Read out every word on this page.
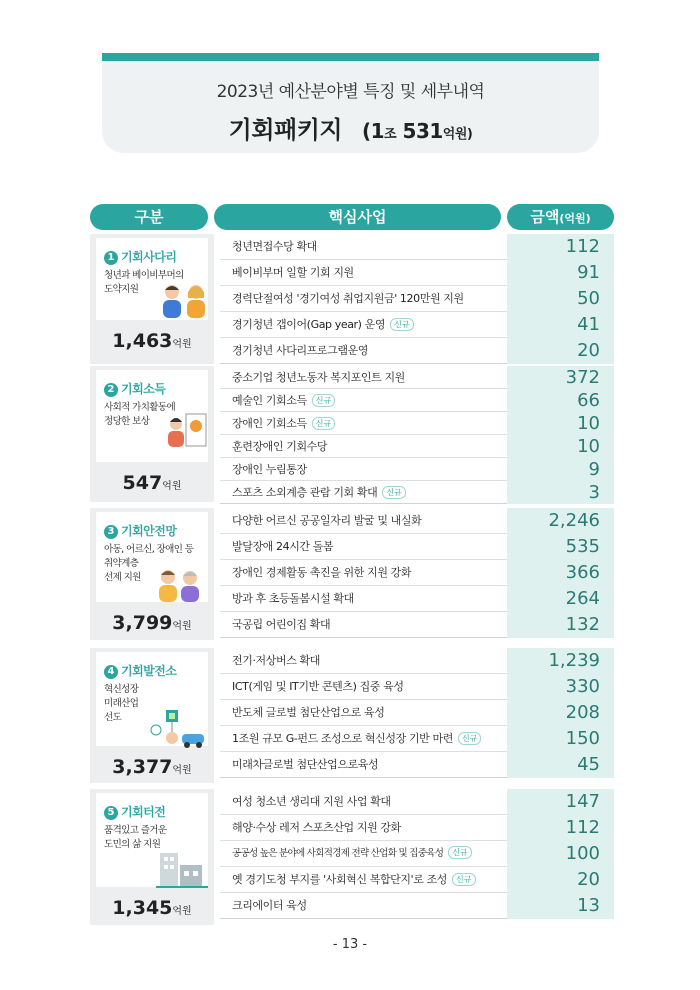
2023년 예산분야별 특징 및 세부내역
기회패키지 (1조 531억원)
구분	핵심사업	금액(억원)
1 기회사다리
청년과 베이비부머의
도약지원
1,463억원
청년면접수당 확대	112
베이비부머 일할 기회 지원	91
경력단절여성 '경기여성 취업지원금' 120만원 지원	50
경기청년 갭이어(Gap year) 운영 신규	41
경기청년 사다리프로그램운영	20
2 기회소득
사회적 가치활동에
정당한 보상
547억원
중소기업 청년노동자 복지포인트 지원	372
예술인 기회소득 신규	66
장애인 기회소득 신규	10
훈련장애인 기회수당	10
장애인 누림통장	9
스포츠 소외계층 관람 기회 확대 신규	3
3 기회안전망
아동, 어르신, 장애인 등
취약계층
선제 지원
3,799억원
다양한 어르신 공공일자리 발굴 및 내실화	2,246
발달장애 24시간 돌봄	535
장애인 경제활동 촉진을 위한 지원 강화	366
방과 후 초등돌봄시설 확대	264
국공립 어린이집 확대	132
4 기회발전소
혁신성장
미래산업
선도
3,377억원
전기·저상버스 확대	1,239
ICT(게임 및 IT기반 콘텐츠) 집중 육성	330
반도체 글로벌 첨단산업으로 육성	208
1조원 규모 G-펀드 조성으로 혁신성장 기반 마련 신규	150
미래차글로벌 첨단산업으로육성	45
5 기회터전
품격있고 즐거운
도민의 삶 지원
1,345억원
여성 청소년 생리대 지원 사업 확대	147
해양·수상 레저 스포츠산업 지원 강화	112
공공성 높은 분야에 사회적경제 전략 산업화 및 집중육성 신규	100
옛 경기도청 부지를 '사회혁신 복합단지'로 조성 신규	20
크리에이터 육성	13
- 13 -
